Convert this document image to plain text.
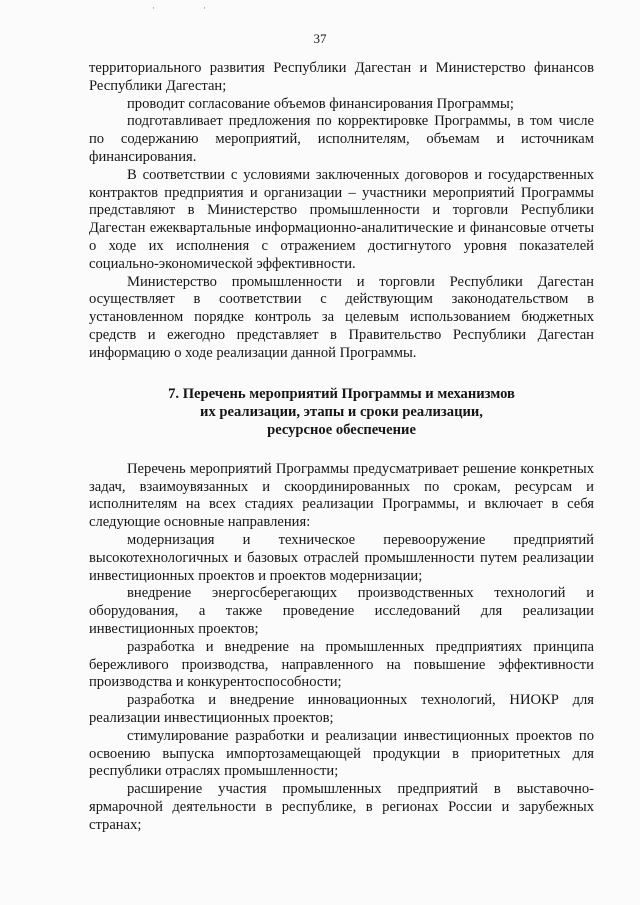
·	·
37

территориального развития Республики Дагестан и Министерство финансов Республики Дагестан;

проводит согласование объемов финансирования Программы;

подготавливает предложения по корректировке Программы, в том числе по содержанию мероприятий, исполнителям, объемам и источникам финансирования.

В соответствии с условиями заключенных договоров и государственных контрактов предприятия и организации – участники мероприятий Программы представляют в Министерство промышленности и торговли Республики Дагестан ежеквартальные информационно-аналитические и финансовые отчеты о ходе их исполнения с отражением достигнутого уровня показателей социально-экономической эффективности.

Министерство промышленности и торговли Республики Дагестан осуществляет в соответствии с действующим законодательством в установленном порядке контроль за целевым использованием бюджетных средств и ежегодно представляет в Правительство Республики Дагестан информацию о ходе реализации данной Программы.

7. Перечень мероприятий Программы и механизмов
их реализации, этапы и сроки реализации,
ресурсное обеспечение

Перечень мероприятий Программы предусматривает решение конкретных задач, взаимоувязанных и скоординированных по срокам, ресурсам и исполнителям на всех стадиях реализации Программы, и включает в себя следующие основные направления:

модернизация и техническое перевооружение предприятий высокотехнологичных и базовых отраслей промышленности путем реализации инвестиционных проектов и проектов модернизации;

внедрение энергосберегающих производственных технологий и оборудования, а также проведение исследований для реализации инвестиционных проектов;

разработка и внедрение на промышленных предприятиях принципа бережливого производства, направленного на повышение эффективности производства и конкурентоспособности;

разработка и внедрение инновационных технологий, НИОКР для реализации инвестиционных проектов;

стимулирование разработки и реализации инвестиционных проектов по освоению выпуска импортозамещающей продукции в приоритетных для республики отраслях промышленности;

расширение участия промышленных предприятий в выставочно-ярмарочной деятельности в республике, в регионах России и зарубежных странах;
